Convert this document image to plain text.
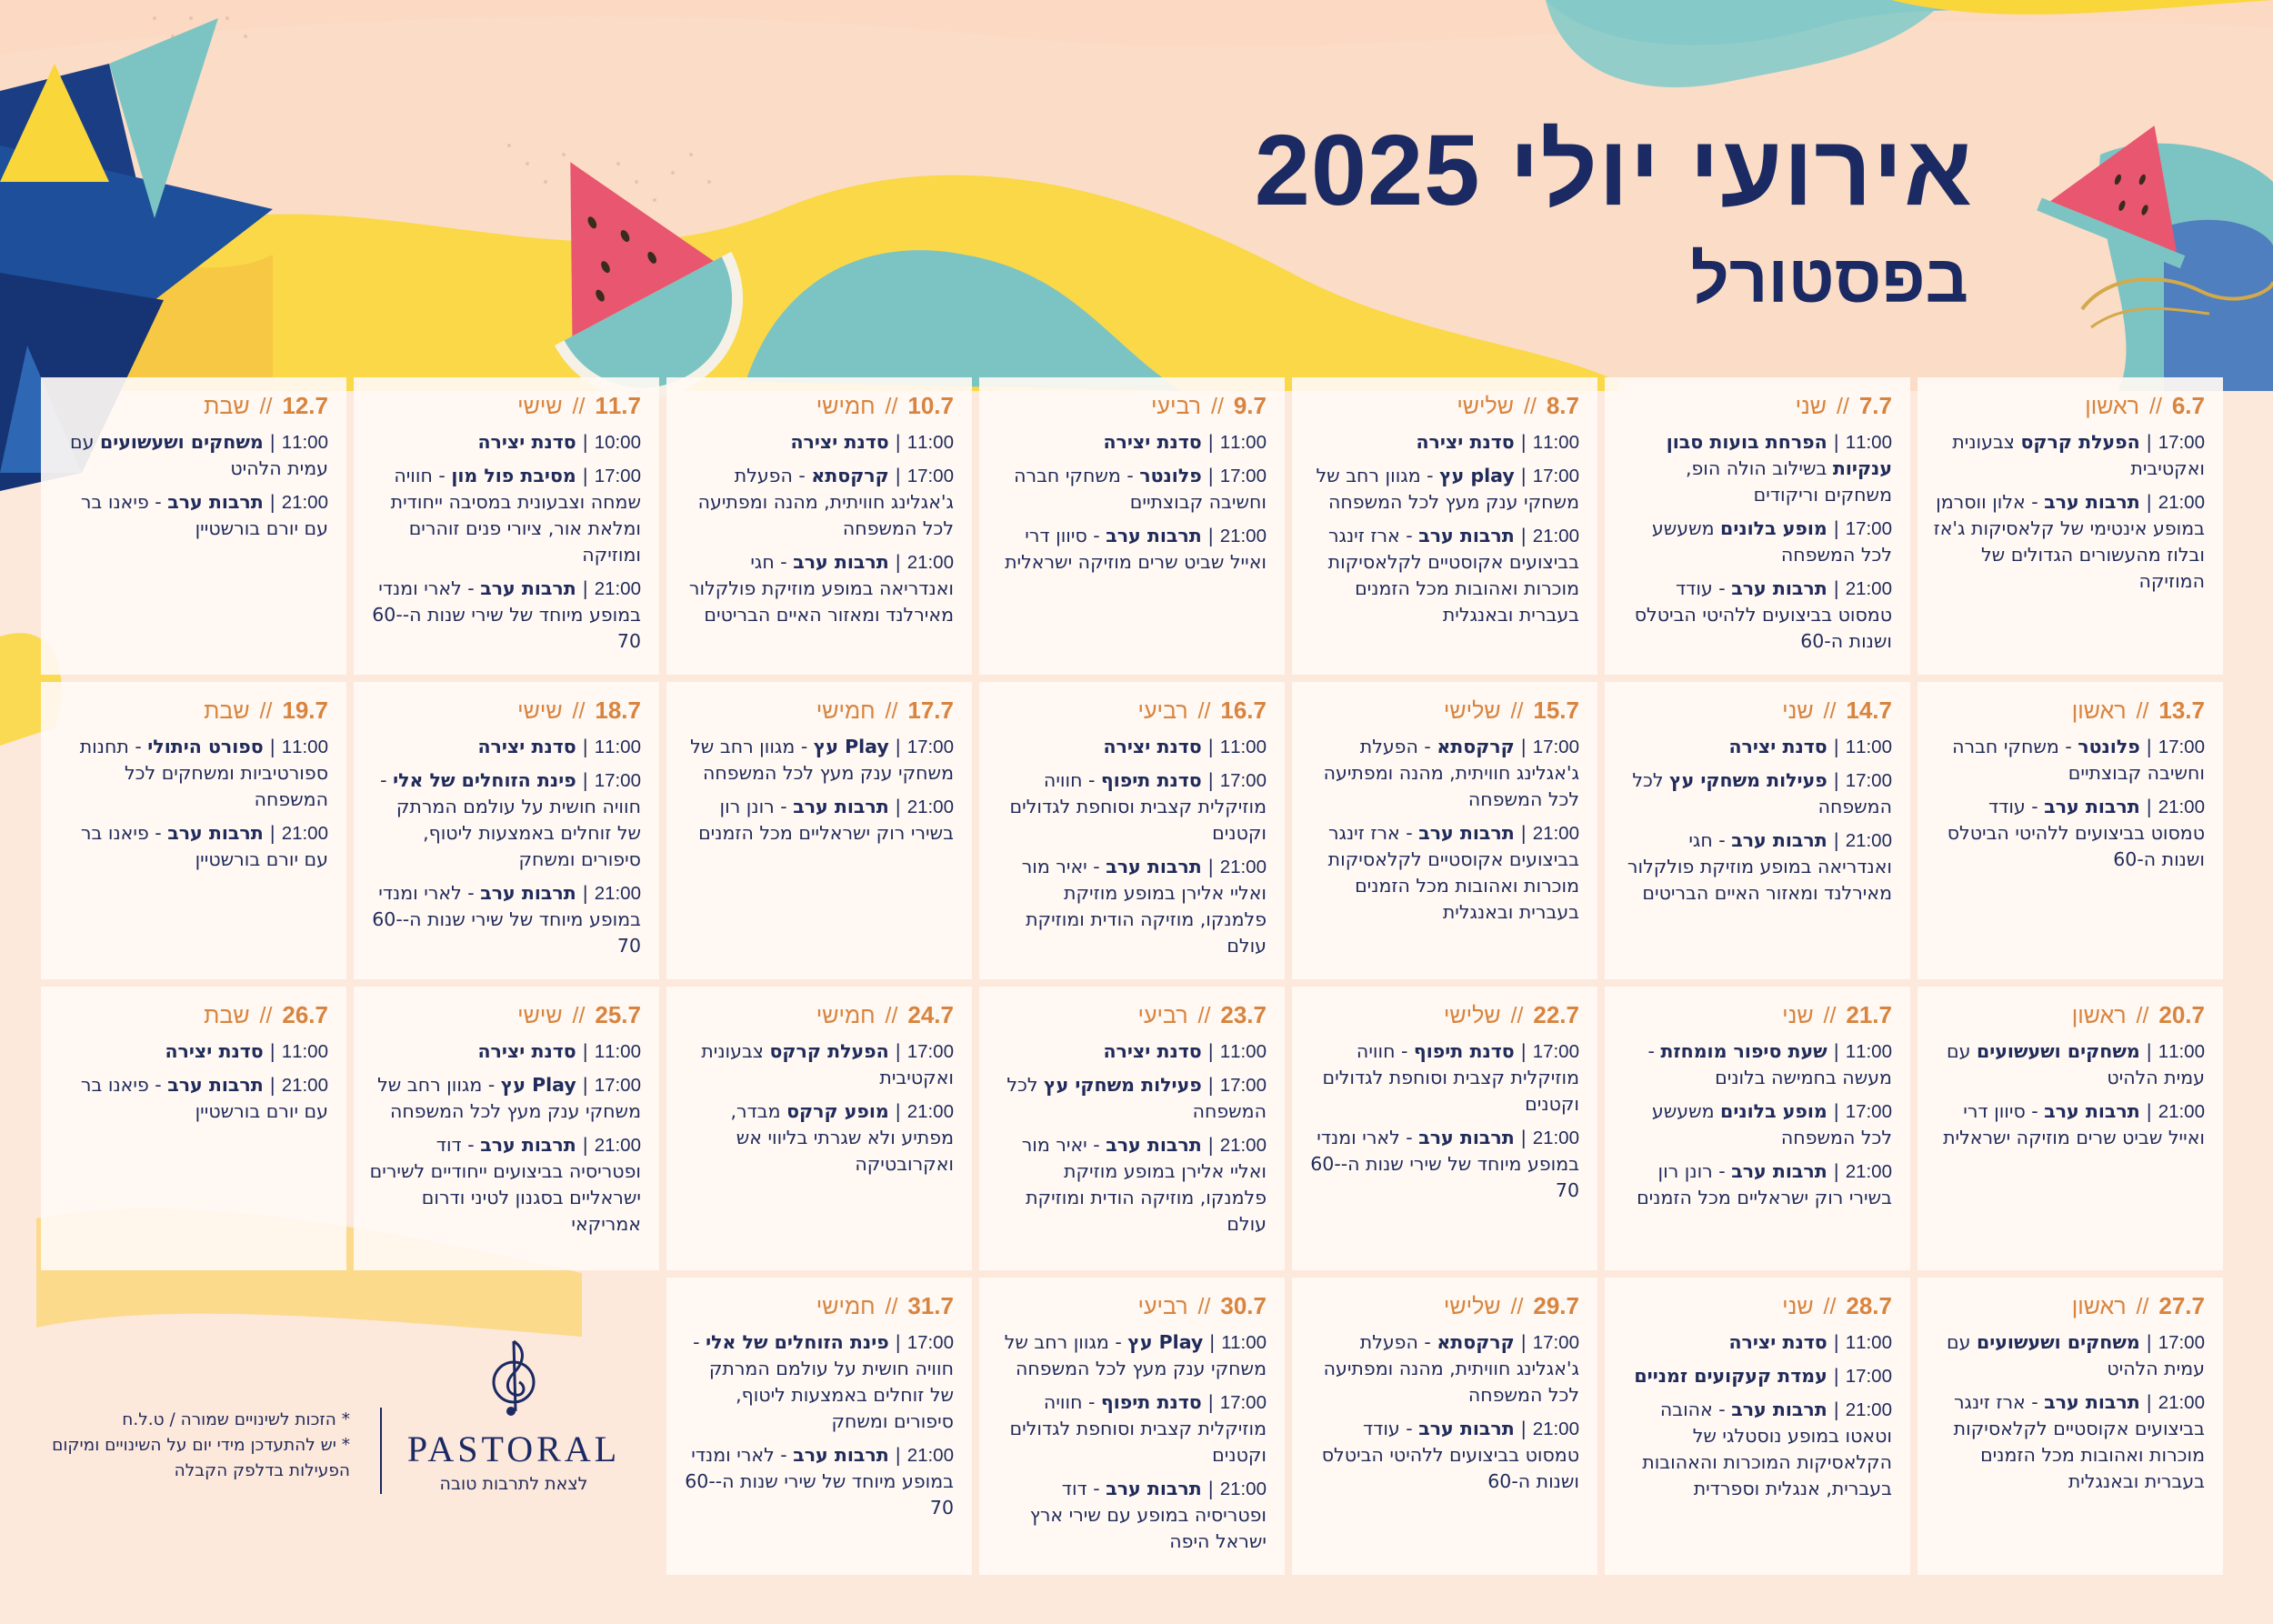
אירועי יולי 2025
בפסטורל
6.7 // ראשון
17:00 | הפעלת קרקס צבעונית ואקטיבית
21:00 | תרבות ערב - אלון ווסרמן במופע אינטימי של קלאסיקות ג'אז ובלוז מהעשורים הגדולים של המוזיקה
7.7 // שני
11:00 | הפרחת בועות סבון ענקיות בשילוב הולה הופ, משחקים וריקודים
17:00 | מופע בלונים משעשע לכל המשפחה
21:00 | תרבות ערב - עודד טמסוט בביצועים ללהיטי הביטלס ושנות ה-60
8.7 // שלישי
11:00 | סדנת יצירה
17:00 | play עץ - מגוון רחב של משחקי ענק מעץ לכל המשפחה
21:00 | תרבות ערב - ארז זינגר בביצועים אקוסטיים לקלאסיקות מוכרות ואהובות מכל הזמנים בעברית ובאנגלית
9.7 // רביעי
11:00 | סדנת יצירה
17:00 | פלונטר - משחקי חברה וחשיבה קבוצתיים
21:00 | תרבות ערב - סיוון דרי ואייל שביט שרים מוזיקה ישראלית
10.7 // חמישי
11:00 | סדנת יצירה
17:00 | קרקסתא - הפעלת ג'אגלינג חוויתית, מהנה ומפתיעה לכל המשפחה
21:00 | תרבות ערב - חגי ואנדריאה במופע מוזיקת פולקלור מאירלנד ומאזור האיים הבריטים
11.7 // שישי
10:00 | סדנת יצירה
17:00 | מסיבת פול מון - חוויה שמחה וצבעונית במסיבה ייחודית ומלאת אור, ציורי פנים זוהרים ומוזיקה
21:00 | תרבות ערב - לארי ומנדי במופע מיוחד של שירי שנות ה-60-70
12.7 // שבת
11:00 | משחקים ושעשועים עם עמית הלהיט
21:00 | תרבות ערב - פיאנו בר עם יורם בורשטיין
13.7 // ראשון
17:00 | פלונטר - משחקי חברה וחשיבה קבוצתיים
21:00 | תרבות ערב - עודד טמסוט בביצועים ללהיטי הביטלס ושנות ה-60
14.7 // שני
11:00 | סדנת יצירה
17:00 | פעילות משחקי עץ לכל המשפחה
21:00 | תרבות ערב - חגי ואנדריאה במופע מוזיקת פולקלור מאירלנד ומאזור האיים הבריטים
15.7 // שלישי
17:00 | קרקסתא - הפעלת ג'אגלינג חוויתית, מהנה ומפתיעה לכל המשפחה
21:00 | תרבות ערב - ארז זינגר בביצועים אקוסטיים לקלאסיקות מוכרות ואהובות מכל הזמנים בעברית ובאנגלית
16.7 // רביעי
11:00 | סדנת יצירה
17:00 | סדנת תיפוף - חוויה מוזיקלית קצבית וסוחפת לגדולים וקטנים
21:00 | תרבות ערב - יאיר מור ואליי אלירן במופע מוזיקת פלמנקו, מוזיקה הודית ומוזיקת עולם
17.7 // חמישי
17:00 | Play עץ - מגוון רחב של משחקי ענק מעץ לכל המשפחה
21:00 | תרבות ערב - רונן רון בשירי רוק ישראליים מכל הזמנים
18.7 // שישי
11:00 | סדנת יצירה
17:00 | פינת הזוחלים של אלי - חוויה חושית על עולמם המרתק של זוחלים באמצעות ליטוף, סיפורים ומשחק
21:00 | תרבות ערב - לארי ומנדי במופע מיוחד של שירי שנות ה-60-70
19.7 // שבת
11:00 | ספורט היתולי - תחנות ספורטיביות ומשחקים לכל המשפחה
21:00 | תרבות ערב - פיאנו בר עם יורם בורשטיין
20.7 // ראשון
11:00 | משחקים ושעשועים עם עמית הלהיט
21:00 | תרבות ערב - סיוון דרי ואייל שביט שרים מוזיקה ישראלית
21.7 // שני
11:00 | שעת סיפור מומחזת - מעשה בחמישה בלונים
17:00 | מופע בלונים משעשע לכל המשפחה
21:00 | תרבות ערב - רונן רון בשירי רוק ישראליים מכל הזמנים
22.7 // שלישי
17:00 | סדנת תיפוף - חוויה מוזיקלית קצבית וסוחפת לגדולים וקטנים
21:00 | תרבות ערב - לארי ומנדי במופע מיוחד של שירי שנות ה-60-70
23.7 // רביעי
11:00 | סדנת יצירה
17:00 | פעילות משחקי עץ לכל המשפחה
21:00 | תרבות ערב - יאיר מור ואליי אלירן במופע מוזיקת פלמנקו, מוזיקה הודית ומוזיקת עולם
24.7 // חמישי
17:00 | הפעלת קרקס צבעונית ואקטיבית
21:00 | מופע קרקס מבדר, מפתיע ולא שגרתי בליווי אש ואקרובטיקה
25.7 // שישי
11:00 | סדנת יצירה
17:00 | Play עץ - מגוון רחב של משחקי ענק מעץ לכל המשפחה
21:00 | תרבות ערב - דוד ופטריסיה בביצועים ייחודיים לשירים ישראליים בסגנון לטיני ודרום אמריקאי
26.7 // שבת
11:00 | סדנת יצירה
21:00 | תרבות ערב - פיאנו בר עם יורם בורשטיין
27.7 // ראשון
17:00 | משחקים ושעשועים עם עמית הלהיט
21:00 | תרבות ערב - ארז זינגר בביצועים אקוסטיים לקלאסיקות מוכרות ואהובות מכל הזמנים בעברית ובאנגלית
28.7 // שני
11:00 | סדנת יצירה
17:00 | עמדת קעקועים זמניים
21:00 | תרבות ערב - אהובה וטאטו במופע נוסטלגי של הקלאסיקות המוכרות והאהובות בעברית, אנגלית וספרדית
29.7 // שלישי
17:00 | קרקסתא - הפעלת ג'אגלינג חוויתית, מהנה ומפתיעה לכל המשפחה
21:00 | תרבות ערב - עודד טמסוט בביצועים ללהיטי הביטלס ושנות ה-60
30.7 // רביעי
11:00 | Play עץ - מגוון רחב של משחקי ענק מעץ לכל המשפחה
17:00 | סדנת תיפוף - חוויה מוזיקלית קצבית וסוחפת לגדולים וקטנים
21:00 | תרבות ערב - דוד ופטריסיה במופע עם שירי ארץ ישראל היפה
31.7 // חמישי
17:00 | פינת הזוחלים של אלי - חוויה חושית על עולמם המרתק של זוחלים באמצעות ליטוף, סיפורים ומשחק
21:00 | תרבות ערב - לארי ומנדי במופע מיוחד של שירי שנות ה-60-70
PASTORAL
לצאת לתרבות טובה
* הזכות לשינויים שמורה / ט.ל.ח
* יש להתעדכן מידי יום על השינויים ומיקום הפעילות בדלפק הקבלה
